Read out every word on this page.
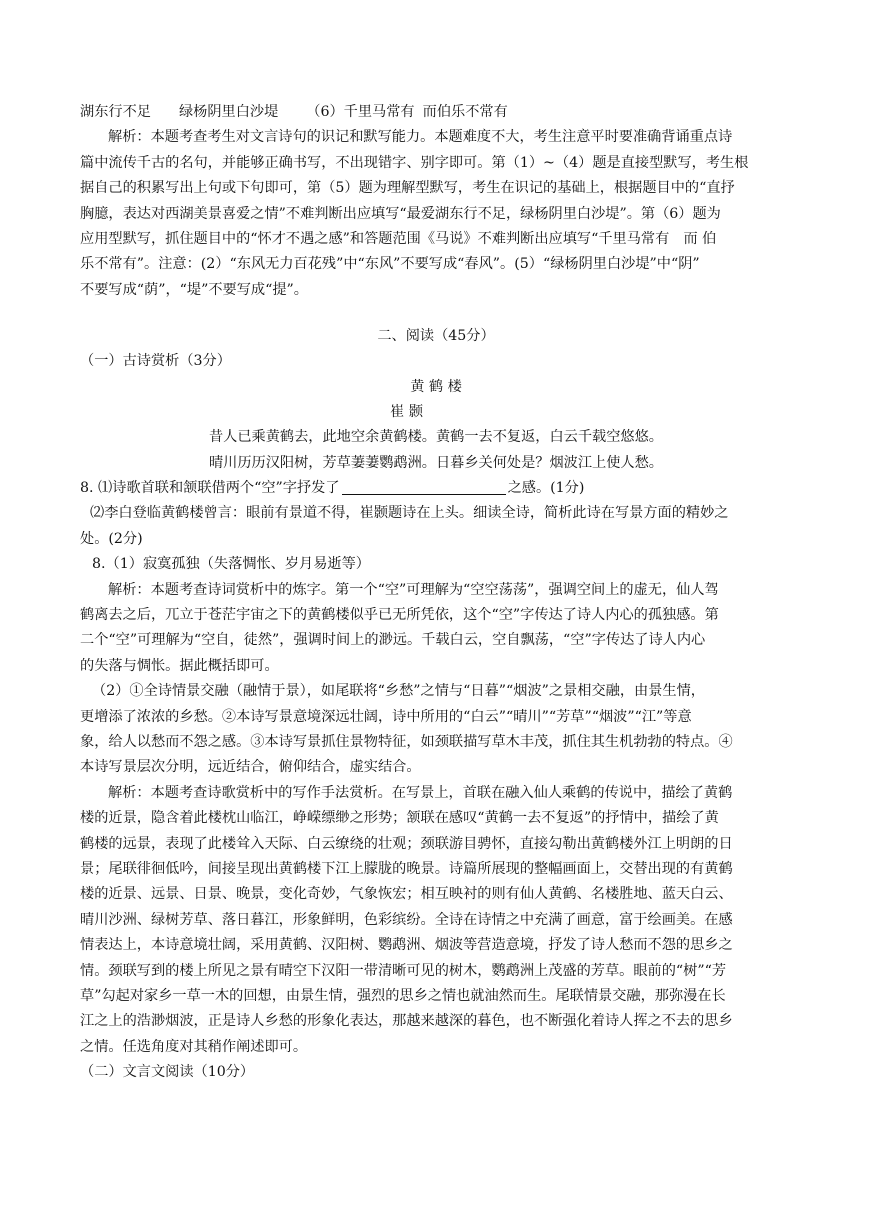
湖东行不足 绿杨阴里白沙堤 （6）千里马常有 而伯乐不常有
解析：本题考查考生对文言诗句的识记和默写能力。本题难度不大，考生注意平时要准确背诵重点诗
篇中流传千古的名句，并能够正确书写，不出现错字、别字即可。第（1）~（4）题是直接型默写，考生根
据自己的积累写出上句或下句即可，第（5）题为理解型默写，考生在识记的基础上，根据题目中的“直抒
胸臆，表达对西湖美景喜爱之情”不难判断出应填写“最爱湖东行不足，绿杨阴里白沙堤”。第（6）题为
应用型默写，抓住题目中的“怀才不遇之感”和答题范围《马说》不难判断出应填写“千里马常有　而 伯
乐不常有”。注意：(2）“东风无力百花残”中“东风”不要写成“春风”。(5）“绿杨阴里白沙堤”中“阴”
不要写成“荫”，“堤”不要写成“提”。
二、阅读（45分）
（一）古诗赏析（3分）
黄 鹤 楼
崔 颢
昔人已乘黄鹤去，此地空余黄鹤楼。黄鹤一去不复返，白云千载空悠悠。
晴川历历汉阳树，芳草萋萋鹦鹉洲。日暮乡关何处是？烟波江上使人愁。
8. ⑴诗歌首联和颔联借两个“空”字抒发了	之感。(1分)
⑵李白登临黄鹤楼曾言：眼前有景道不得，崔颢题诗在上头。细读全诗，简析此诗在写景方面的精妙之
处。(2分)
8.（1）寂寞孤独（失落惆怅、岁月易逝等）
解析：本题考查诗词赏析中的炼字。第一个“空”可理解为“空空荡荡”，强调空间上的虚无，仙人驾
鹤离去之后，兀立于苍茫宇宙之下的黄鹤楼似乎已无所凭依，这个“空”字传达了诗人内心的孤独感。第
二个“空”可理解为“空自，徒然”，强调时间上的渺远。千载白云，空自飘荡，“空”字传达了诗人内心
的失落与惆怅。据此概括即可。
（2）①全诗情景交融（融情于景），如尾联将“乡愁”之情与“日暮”“烟波”之景相交融，由景生情，
更增添了浓浓的乡愁。②本诗写景意境深远壮阔，诗中所用的“白云”“晴川”“芳草”“烟波”“江”等意
象，给人以愁而不怨之感。③本诗写景抓住景物特征，如颈联描写草木丰茂，抓住其生机勃勃的特点。④
本诗写景层次分明，远近结合，俯仰结合，虚实结合。
解析：本题考查诗歌赏析中的写作手法赏析。在写景上，首联在融入仙人乘鹤的传说中，描绘了黄鹤
楼的近景，隐含着此楼枕山临江，峥嵘缥缈之形势；颔联在感叹“黄鹤一去不复返”的抒情中，描绘了黄
鹤楼的远景，表现了此楼耸入天际、白云缭绕的壮观；颈联游目骋怀，直接勾勒出黄鹤楼外江上明朗的日
景；尾联徘徊低吟，间接呈现出黄鹤楼下江上朦胧的晚景。诗篇所展现的整幅画面上，交替出现的有黄鹤
楼的近景、远景、日景、晚景，变化奇妙，气象恢宏；相互映衬的则有仙人黄鹤、名楼胜地、蓝天白云、
晴川沙洲、绿树芳草、落日暮江，形象鲜明，色彩缤纷。全诗在诗情之中充满了画意，富于绘画美。在感
情表达上，本诗意境壮阔，采用黄鹤、汉阳树、鹦鹉洲、烟波等营造意境，抒发了诗人愁而不怨的思乡之
情。颈联写到的楼上所见之景有晴空下汉阳一带清晰可见的树木，鹦鹉洲上茂盛的芳草。眼前的“树”“芳
草”勾起对家乡一草一木的回想，由景生情，强烈的思乡之情也就油然而生。尾联情景交融，那弥漫在长
江之上的浩渺烟波，正是诗人乡愁的形象化表达，那越来越深的暮色，也不断强化着诗人挥之不去的思乡
之情。任选角度对其稍作阐述即可。
（二）文言文阅读（10分）
